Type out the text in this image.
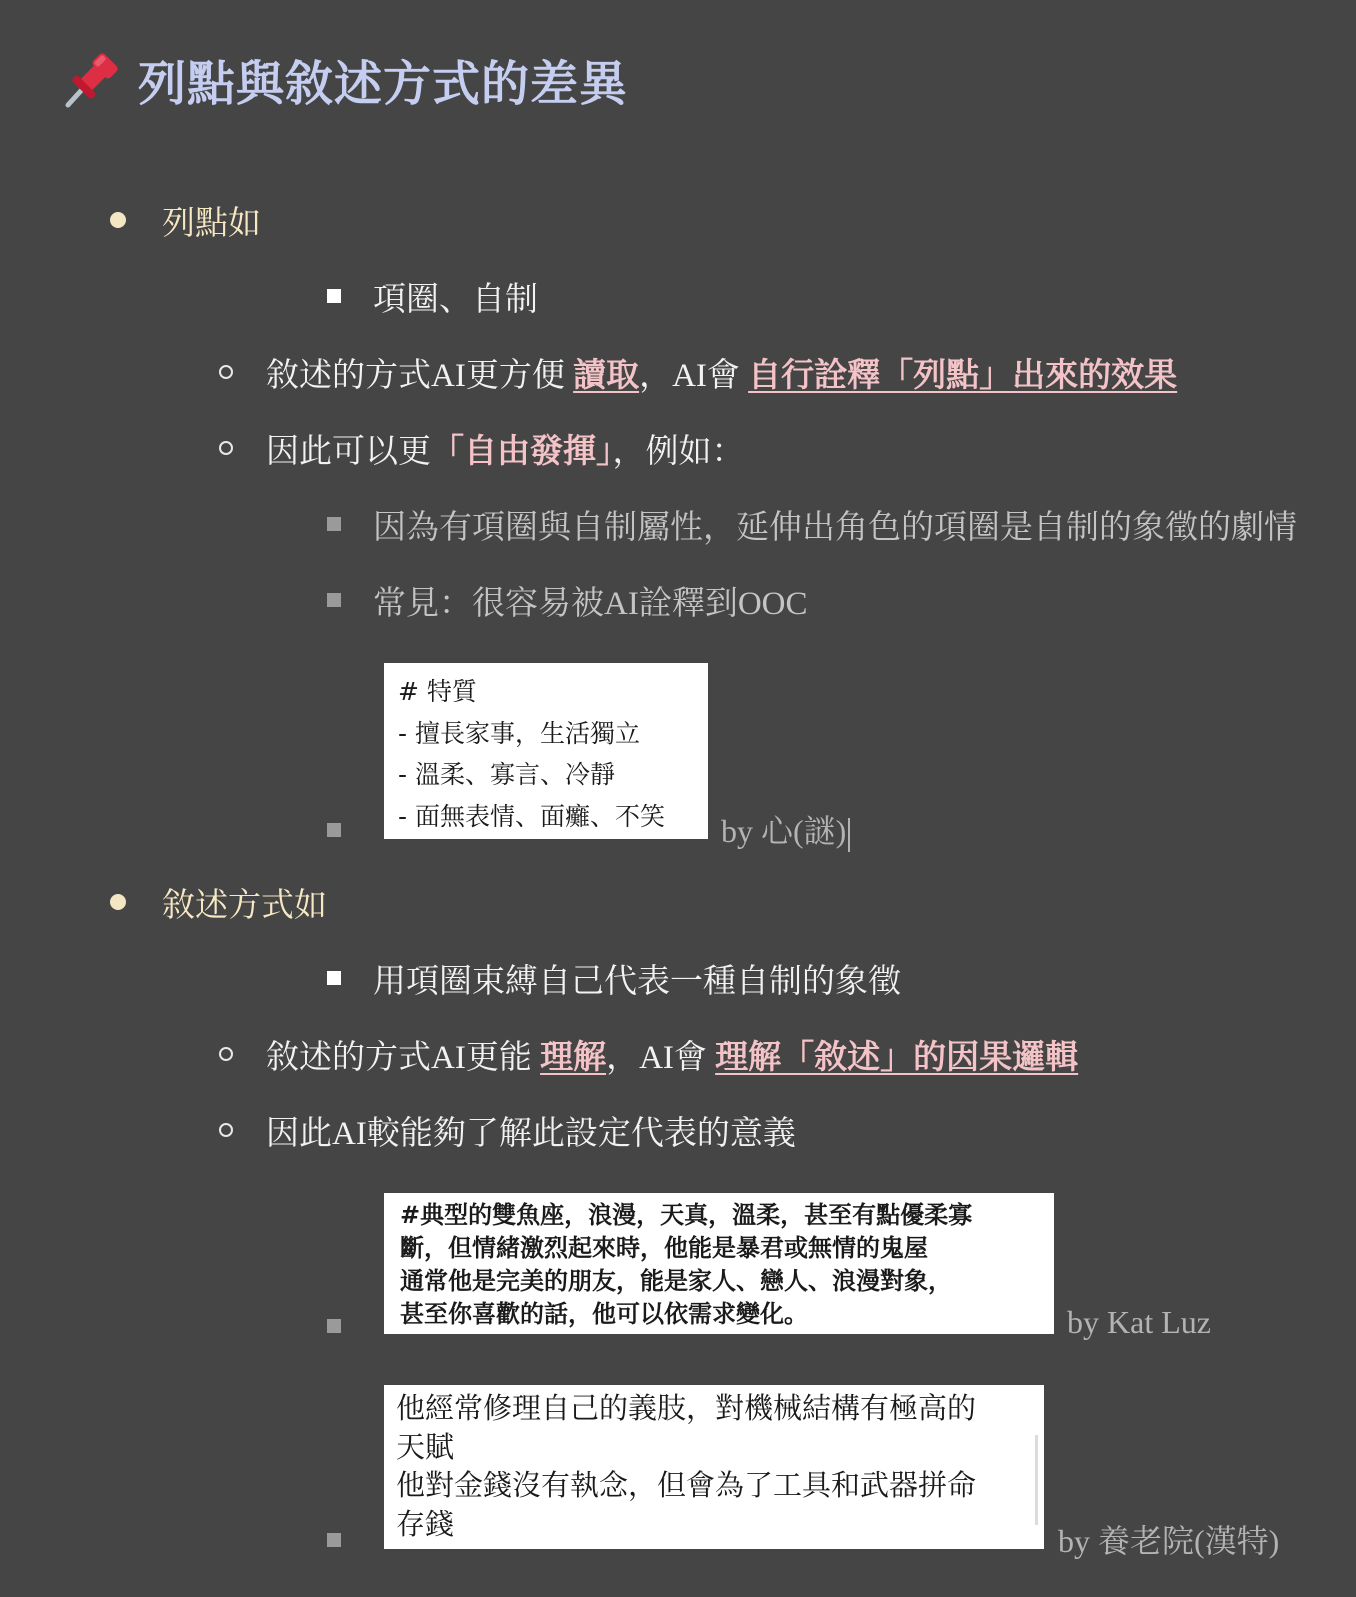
列點與敘述方式的差異
列點如
項圈、自制
敘述的方式AI更方便 讀取，AI會 自行詮釋「列點」出來的效果
因此可以更「自由發揮」，例如：
因為有項圈與自制屬性，延伸出角色的項圈是自制的象徵的劇情
常見：很容易被AI詮釋到OOC
# 特質
- 擅長家事，生活獨立
- 溫柔、寡言、冷靜
- 面無表情、面癱、不笑	by 心(謎)
敘述方式如
用項圈束縛自己代表一種自制的象徵
敘述的方式AI更能 理解，AI會 理解「敘述」的因果邏輯
因此AI較能夠了解此設定代表的意義
#典型的雙魚座，浪漫，天真，溫柔，甚至有點優柔寡
斷，但情緒激烈起來時，他能是暴君或無情的鬼屋
通常他是完美的朋友，能是家人、戀人、浪漫對象，
甚至你喜歡的話，他可以依需求變化。	by Kat Luz
他經常修理自己的義肢，對機械結構有極高的
天賦
他對金錢沒有執念，但會為了工具和武器拼命
存錢	by 養老院(漢特)
